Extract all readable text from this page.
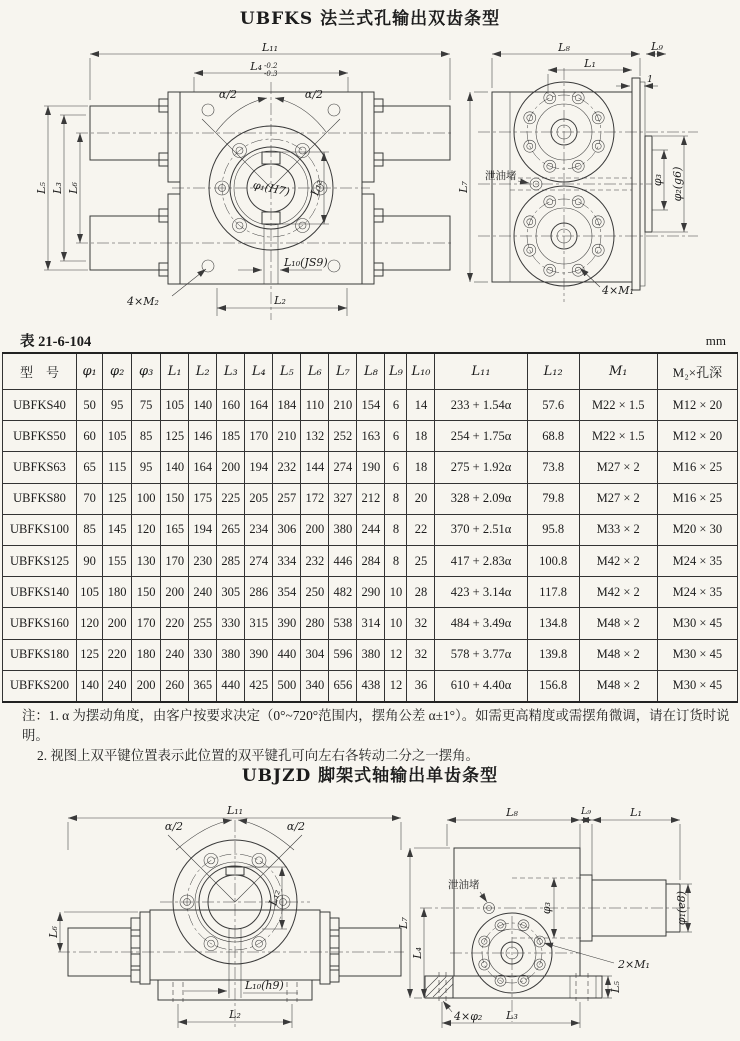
UBFKS 法兰式孔输出双齿条型
L₁₁
L₄ -0.2
-0.3
α/2	α/2
φ₁(H7) L₁₂
L₅ L₃ L₆
L₁₀(JS9)
L₂
4×M₂
L₈	L₉
L₁
1
L₇
泄油堵	φ₃ φ₂(g6)
4×M₁
表 21-6-104	mm
型　号	φ₁	φ₂	φ₃	L₁	L₂	L₃	L₄	L₅	L₆	L₇	L₈	L₉	L₁₀	L₁₁	L₁₂	M₁	M₂×孔深
UBFKS40	50	95	75	105	140	160	164	184	110	210	154	6	14	233 + 1.54α	57.6	M22 × 1.5	M12 × 20
UBFKS50	60	105	85	125	146	185	170	210	132	252	163	6	18	254 + 1.75α	68.8	M22 × 1.5	M12 × 20
UBFKS63	65	115	95	140	164	200	194	232	144	274	190	6	18	275 + 1.92α	73.8	M27 × 2	M16 × 25
UBFKS80	70	125	100	150	175	225	205	257	172	327	212	8	20	328 + 2.09α	79.8	M27 × 2	M16 × 25
UBFKS100	85	145	120	165	194	265	234	306	200	380	244	8	22	370 + 2.51α	95.8	M33 × 2	M20 × 30
UBFKS125	90	155	130	170	230	285	274	334	232	446	284	8	25	417 + 2.83α	100.8	M42 × 2	M24 × 35
UBFKS140	105	180	150	200	240	305	286	354	250	482	290	10	28	423 + 3.14α	117.8	M42 × 2	M24 × 35
UBFKS160	120	200	170	220	255	330	315	390	280	538	314	10	32	484 + 3.49α	134.8	M48 × 2	M30 × 45
UBFKS180	125	220	180	240	330	380	390	440	304	596	380	12	32	578 + 3.77α	139.8	M48 × 2	M30 × 45
UBFKS200	140	240	200	260	365	440	425	500	340	656	438	12	36	610 + 4.40α	156.8	M48 × 2	M30 × 45
注：1. α 为摆动角度，由客户按要求决定（0°~720°范围内，摆角公差 α±1°）。如需更高精度或需摆角微调，请在订货时说明。
2. 视图上双平键位置表示此位置的双平键孔可向左右各转动二分之一摆角。
UBJZD 脚架式轴输出单齿条型
L₁₁
α/2	α/2
L₁₂
L₆
L₁₀(h9)
L₂
L₈	L₉	L₁
泄油堵
L₇
L₄
φ₃	φ₁(e8)
2×M₁
4×φ₂
L₅
L₃
